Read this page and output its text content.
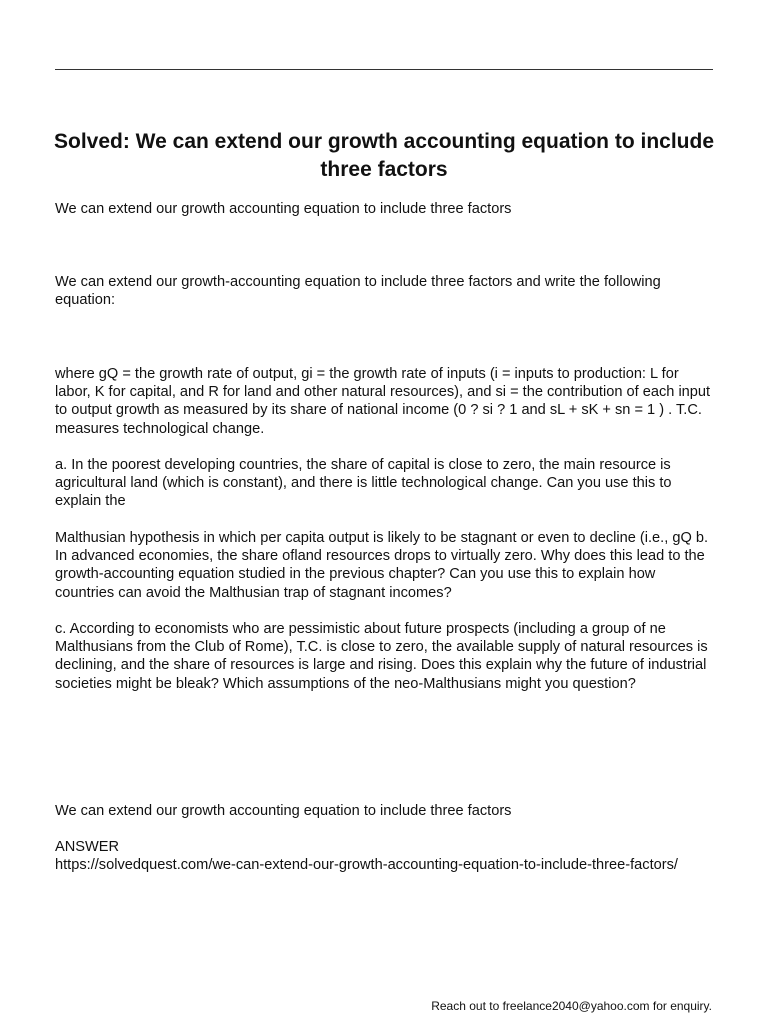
Solved: We can extend our growth accounting equation to include three factors

We can extend our growth accounting equation to include three factors

We can extend our growth-accounting equation to include three factors and write the following equation:

where gQ = the growth rate of output, gi = the growth rate of inputs (i = inputs to production: L for labor, K for capital, and R for land and other natural resources), and si = the contribution of each input to output growth as measured by its share of national income (0 ? si ? 1 and sL + sK + sn = 1 ) . T.C. measures technological change.

a. In the poorest developing countries, the share of capital is close to zero, the main resource is agricultural land (which is constant), and there is little technological change. Can you use this to explain the

Malthusian hypothesis in which per capita output is likely to be stagnant or even to decline (i.e., gQ b. In advanced economies, the share ofland resources drops to virtually zero. Why does this lead to the growth-accounting equation studied in the previous chapter? Can you use this to explain how countries can avoid the Malthusian trap of stagnant incomes?

c. According to economists who are pessimistic about future prospects (including a group of ne Malthusians from the Club of Rome), T.C. is close to zero, the available supply of natural resources is declining, and the share of resources is large and rising. Does this explain why the future of industrial societies might be bleak? Which assumptions of the neo-Malthusians might you question?

We can extend our growth accounting equation to include three factors

ANSWER
https://solvedquest.com/we-can-extend-our-growth-accounting-equation-to-include-three-factors/

Reach out to freelance2040@yahoo.com for enquiry.
